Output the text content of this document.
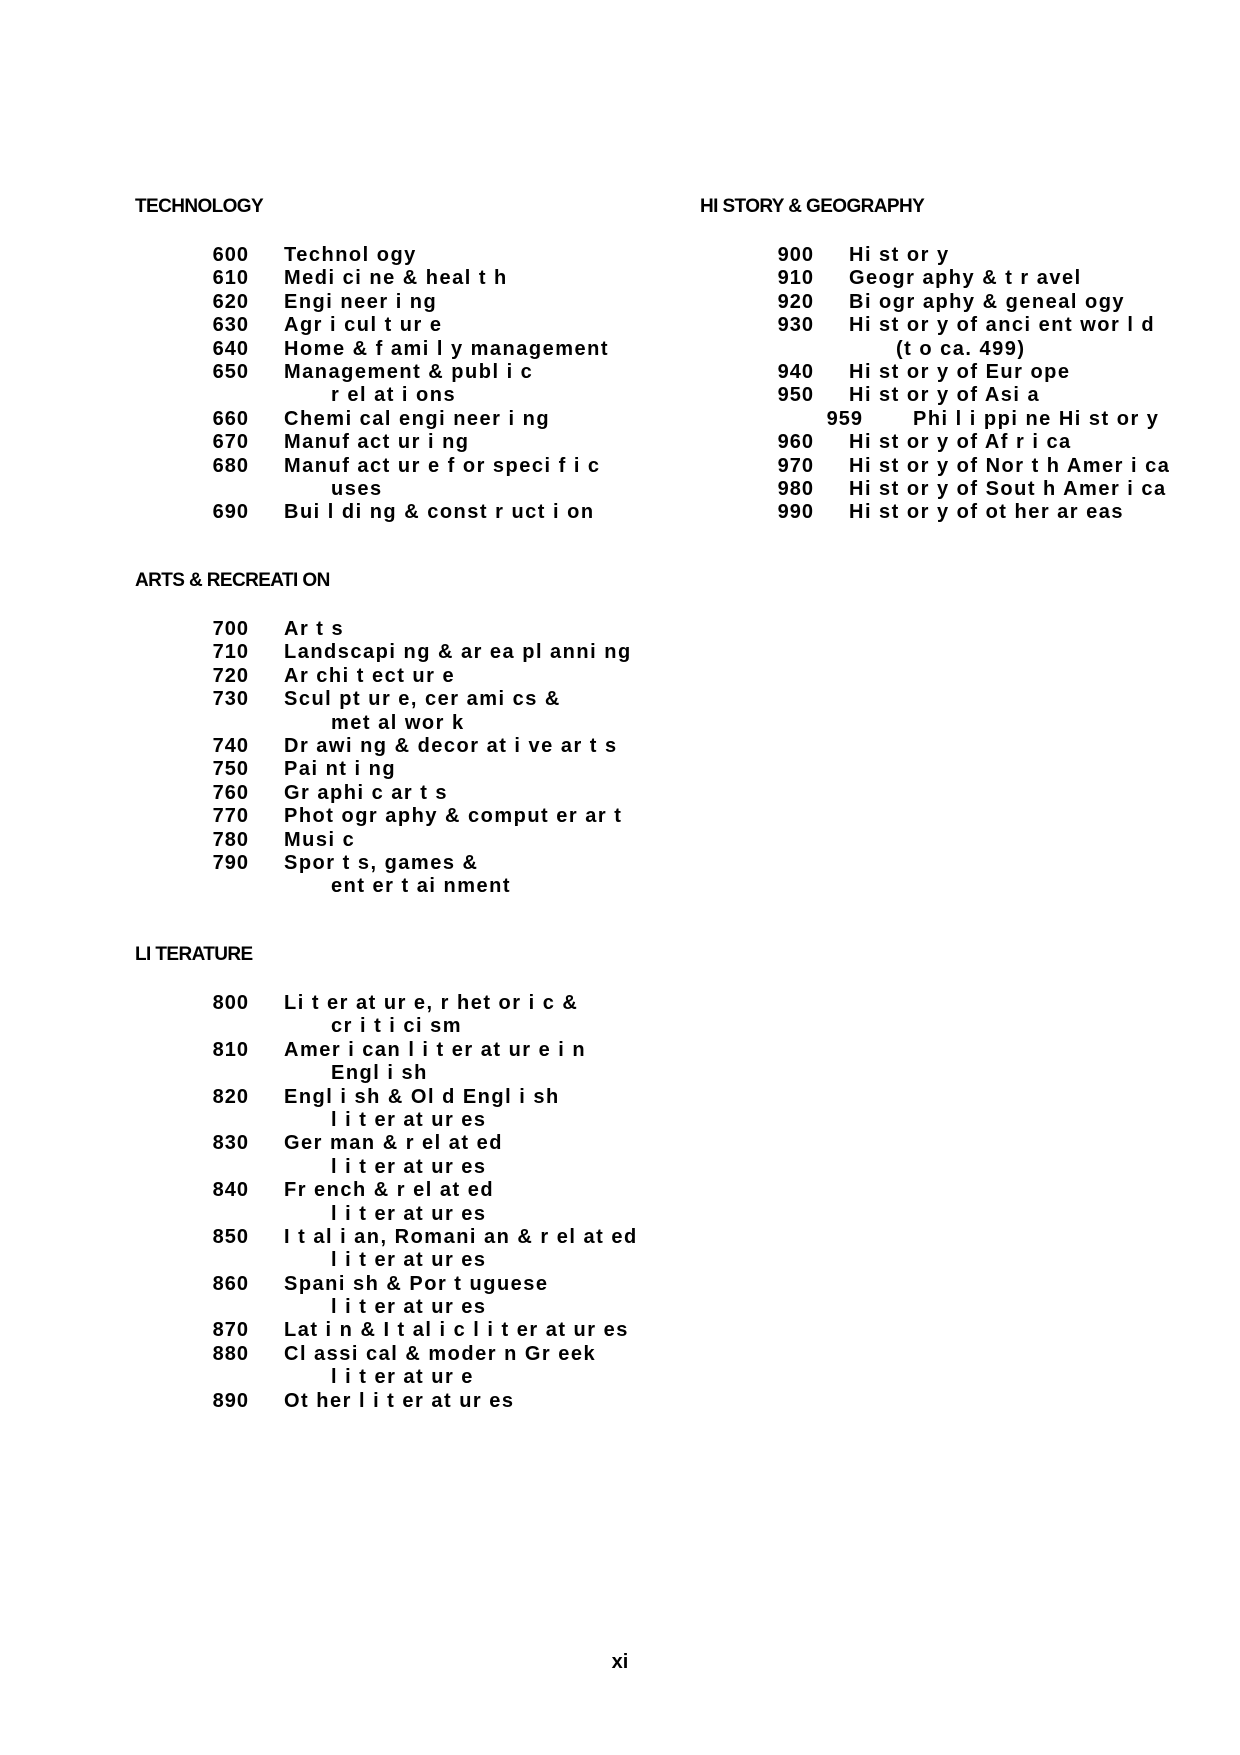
TECHNOLOGY
600 Technol ogy
610 Medi ci ne & heal t h
620 Engi neer i ng
630 Agr i cul t ur e
640 Home & f ami l y management
650 Management & publ i c
r el at i ons
660 Chemi cal engi neer i ng
670 Manuf act ur i ng
680 Manuf act ur e f or speci f i c
uses
690 Bui l di ng & const r uct i on
HI STORY & GEOGRAPHY
900 Hi st or y
910 Geogr aphy & t r avel
920 Bi ogr aphy & geneal ogy
930 Hi st or y of anci ent wor l d
(t o ca. 499)
940 Hi st or y of Eur ope
950 Hi st or y of Asi a
959	Phi l i ppi ne Hi st or y
960 Hi st or y of Af r i ca
970 Hi st or y of Nor t h Amer i ca
980 Hi st or y of Sout h Amer i ca
990 Hi st or y of ot her ar eas
ARTS & RECREATI ON
700 Ar t s
710 Landscapi ng & ar ea pl anni ng
720 Ar chi t ect ur e
730 Scul pt ur e, cer ami cs &
met al wor k
740 Dr awi ng & decor at i ve ar t s
750 Pai nt i ng
760 Gr aphi c ar t s
770 Phot ogr aphy & comput er ar t
780 Musi c
790 Spor t s, games &
ent er t ai nment
LI TERATURE
800 Li t er at ur e, r het or i c &
cr i t i ci sm
810 Amer i can l i t er at ur e i n
Engl i sh
820 Engl i sh & Ol d Engl i sh
l i t er at ur es
830 Ger man & r el at ed
l i t er at ur es
840 Fr ench & r el at ed
l i t er at ur es
850 I t al i an, Romani an & r el at ed
l i t er at ur es
860 Spani sh & Por t uguese
l i t er at ur es
870 Lat i n & I t al i c l i t er at ur es
880 Cl assi cal & moder n Gr eek
l i t er at ur e
890 Ot her l i t er at ur es
xi
